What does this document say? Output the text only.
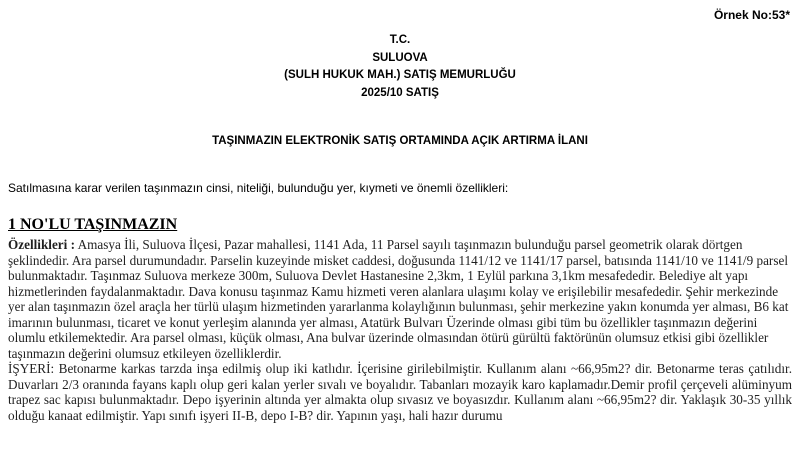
Örnek No:53*
T.C.
SULUOVA
(SULH HUKUK MAH.) SATIŞ MEMURLUĞU
2025/10 SATIŞ
TAŞINMAZIN ELEKTRONİK SATIŞ ORTAMINDA AÇIK ARTIRMA İLANI
Satılmasına karar verilen taşınmazın cinsi, niteliği, bulunduğu yer, kıymeti ve önemli özellikleri:
1 NO'LU TAŞINMAZIN

Özellikleri : Amasya İli, Suluova İlçesi, Pazar mahallesi, 1141 Ada, 11 Parsel sayılı taşınmazın bulunduğu parsel geometrik olarak dörtgen şeklindedir. Ara parsel durumundadır. Parselin kuzeyinde misket caddesi, doğusunda 1141/12 ve 1141/17 parsel, batısında 1141/10 ve 1141/9 parsel bulunmaktadır. Taşınmaz Suluova merkeze 300m, Suluova Devlet Hastanesine 2,3km, 1 Eylül parkına 3,1km mesafededir. Belediye alt yapı hizmetlerinden faydalanmaktadır. Dava konusu taşınmaz Kamu hizmeti veren alanlara ulaşımı kolay ve erişilebilir mesafededir. Şehir merkezinde yer alan taşınmazın özel araçla her türlü ulaşım hizmetinden yararlanma kolaylığının bulunması, şehir merkezine yakın konumda yer alması, B6 kat imarının bulunması, ticaret ve konut yerleşim alanında yer alması, Atatürk Bulvarı Üzerinde olması gibi tüm bu özellikler taşınmazın değerini olumlu etkilemektedir. Ara parsel olması, küçük olması, Ana bulvar üzerinde olmasından ötürü gürültü faktörünün olumsuz etkisi gibi özellikler taşınmazın değerini olumsuz etkileyen özelliklerdir.

İŞYERİ: Betonarme karkas tarzda inşa edilmiş olup iki katlıdır. İçerisine girilebilmiştir. Kullanım alanı ~66,95m2? dir. Betonarme teras çatılıdır. Duvarları 2/3 oranında fayans kaplı olup geri kalan yerler sıvalı ve boyalıdır. Tabanları mozayik karo kaplamadır.Demir profil çerçeveli alüminyum trapez sac kapısı bulunmaktadır. Depo işyerinin altında yer almakta olup sıvasız ve boyasızdır. Kullanım alanı ~66,95m2? dir. Yaklaşık 30-35 yıllık olduğu kanaat edilmiştir. Yapı sınıfı işyeri II-B, depo I-B? dir. Yapının yaşı, hali hazır durumu
